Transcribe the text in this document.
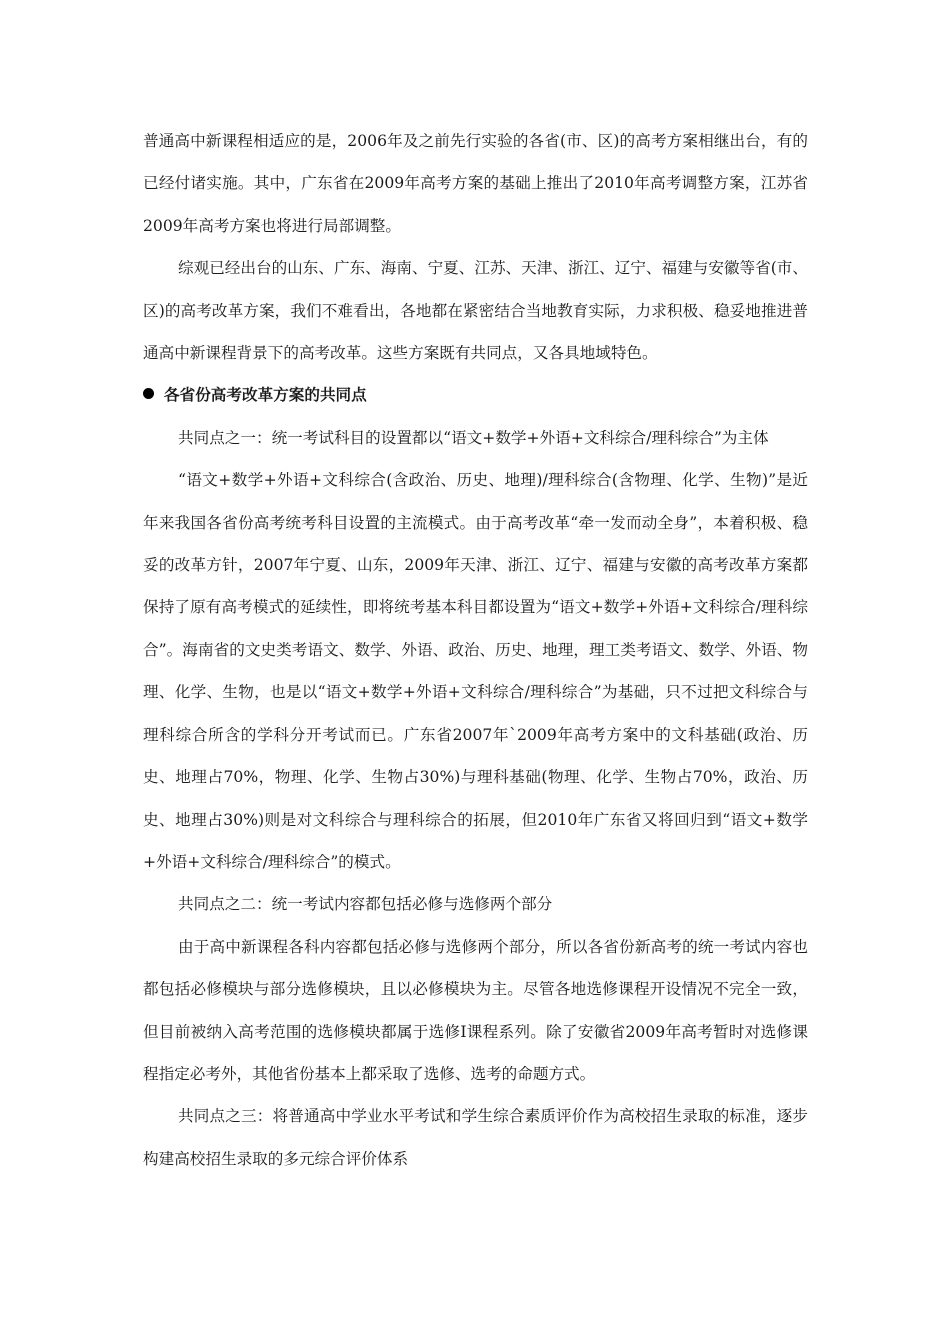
普通高中新课程相适应的是，2006年及之前先行实验的各省(市、区)的高考方案相继出台，有的已经付诸实施。其中，广东省在2009年高考方案的基础上推出了2010年高考调整方案，江苏省2009年高考方案也将进行局部调整。

综观已经出台的山东、广东、海南、宁夏、江苏、天津、浙江、辽宁、福建与安徽等省(市、区)的高考改革方案，我们不难看出，各地都在紧密结合当地教育实际，力求积极、稳妥地推进普通高中新课程背景下的高考改革。这些方案既有共同点，又各具地域特色。

各省份高考改革方案的共同点

共同点之一：统一考试科目的设置都以“语文+数学+外语+文科综合/理科综合”为主体

“语文+数学+外语+文科综合(含政治、历史、地理)/理科综合(含物理、化学、生物)”是近年来我国各省份高考统考科目设置的主流模式。由于高考改革“牵一发而动全身”，本着积极、稳妥的改革方针，2007年宁夏、山东，2009年天津、浙江、辽宁、福建与安徽的高考改革方案都保持了原有高考模式的延续性，即将统考基本科目都设置为“语文+数学+外语+文科综合/理科综合”。海南省的文史类考语文、数学、外语、政治、历史、地理，理工类考语文、数学、外语、物理、化学、生物，也是以“语文+数学+外语+文科综合/理科综合”为基础，只不过把文科综合与理科综合所含的学科分开考试而已。广东省2007年`2009年高考方案中的文科基础(政治、历史、地理占70%，物理、化学、生物占30%)与理科基础(物理、化学、生物占70%，政治、历史、地理占30%)则是对文科综合与理科综合的拓展，但2010年广东省又将回归到“语文+数学+外语+文科综合/理科综合”的模式。

共同点之二：统一考试内容都包括必修与选修两个部分

由于高中新课程各科内容都包括必修与选修两个部分，所以各省份新高考的统一考试内容也都包括必修模块与部分选修模块，且以必修模块为主。尽管各地选修课程开设情况不完全一致，但目前被纳入高考范围的选修模块都属于选修Ⅰ课程系列。除了安徽省2009年高考暂时对选修课程指定必考外，其他省份基本上都采取了选修、选考的命题方式。

共同点之三：将普通高中学业水平考试和学生综合素质评价作为高校招生录取的标准，逐步构建高校招生录取的多元综合评价体系
